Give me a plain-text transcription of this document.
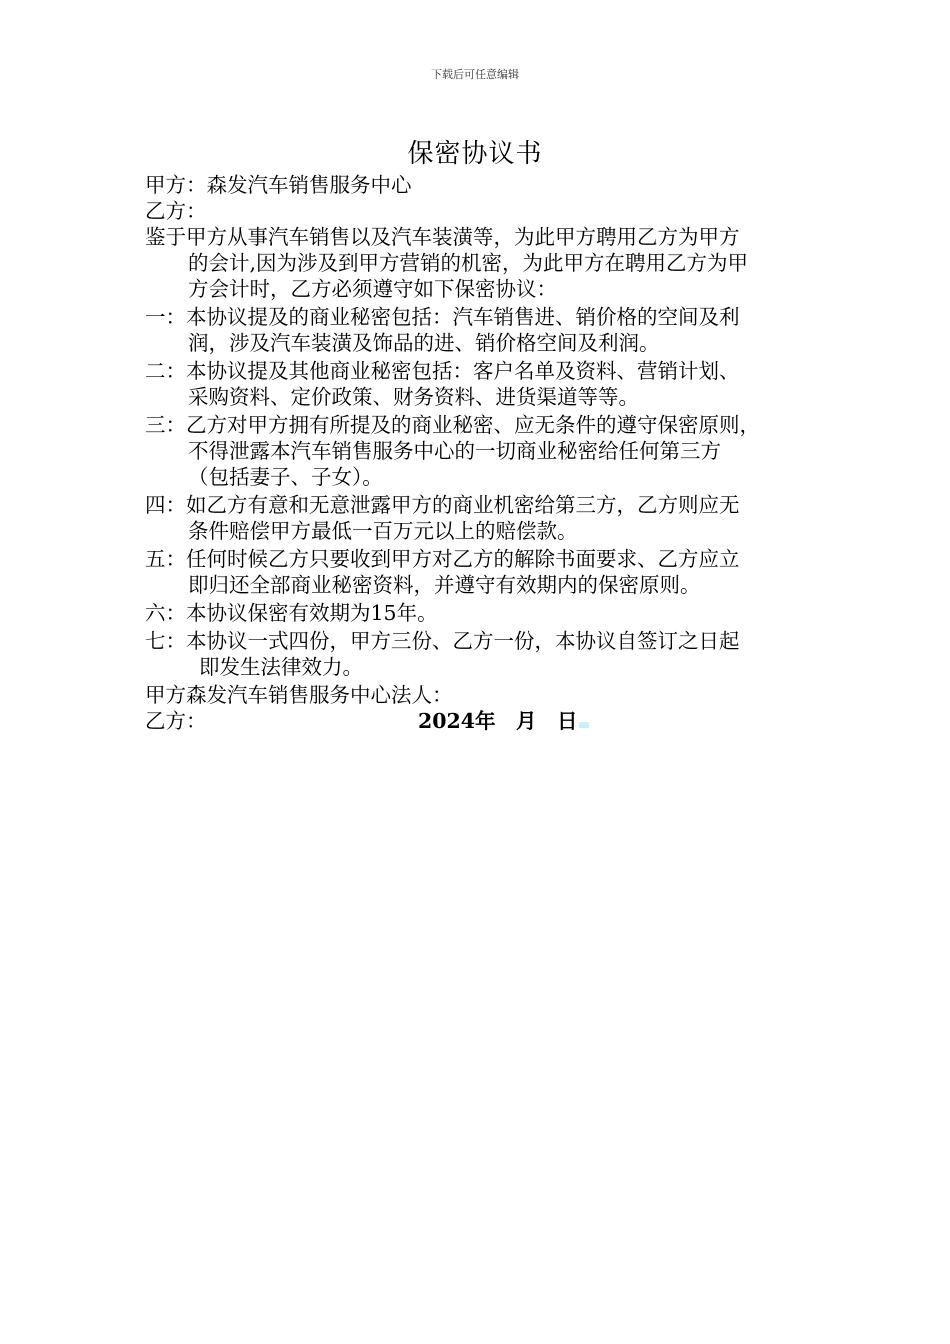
下载后可任意编辑
保密协议书

甲方：森发汽车销售服务中心

乙方：

鉴于甲方从事汽车销售以及汽车装潢等，为此甲方聘用乙方为甲方
的会计,因为涉及到甲方营销的机密，为此甲方在聘用乙方为甲
方会计时，乙方必须遵守如下保密协议：
一：本协议提及的商业秘密包括：汽车销售进、销价格的空间及利
润，涉及汽车装潢及饰品的进、销价格空间及利润。
二：本协议提及其他商业秘密包括：客户名单及资料、营销计划、
采购资料、定价政策、财务资料、进货渠道等等。
三：乙方对甲方拥有所提及的商业秘密、应无条件的遵守保密原则，
不得泄露本汽车销售服务中心的一切商业秘密给任何第三方
（包括妻子、子女）。
四：如乙方有意和无意泄露甲方的商业机密给第三方，乙方则应无
条件赔偿甲方最低一百万元以上的赔偿款。
五：任何时候乙方只要收到甲方对乙方的解除书面要求、乙方应立
即归还全部商业秘密资料，并遵守有效期内的保密原则。
六：本协议保密有效期为15年。
七：本协议一式四份，甲方三份、乙方一份，本协议自签订之日起
即发生法律效力。

甲方森发汽车销售服务中心法人：

乙方：	2024年　月　日
